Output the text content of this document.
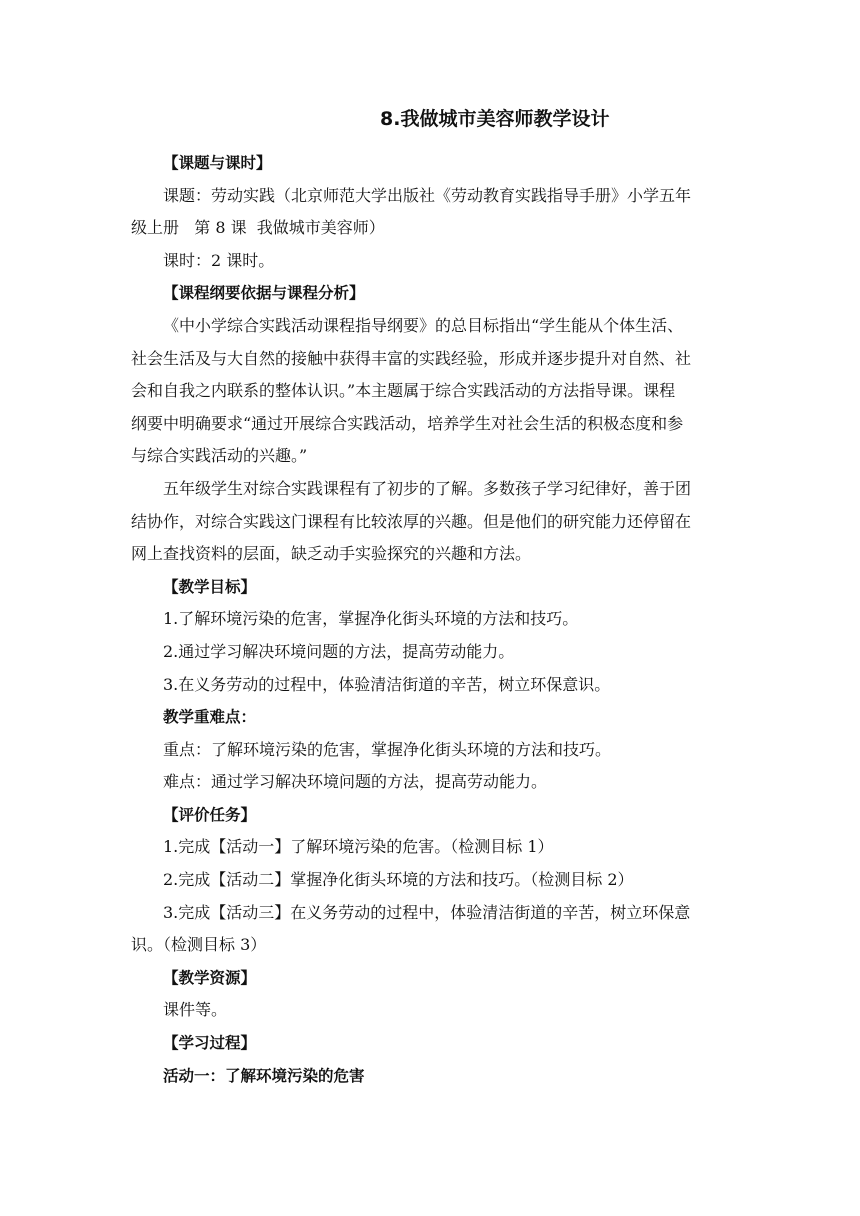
8.我做城市美容师教学设计
【课题与课时】
课题：劳动实践（北京师范大学出版社《劳动教育实践指导手册》小学五年
级上册   第 8 课  我做城市美容师）
课时：2 课时。
【课程纲要依据与课程分析】
《中小学综合实践活动课程指导纲要》的总目标指出“学生能从个体生活、
社会生活及与大自然的接触中获得丰富的实践经验，形成并逐步提升对自然、社
会和自我之内联系的整体认识。”本主题属于综合实践活动的方法指导课。课程
纲要中明确要求“通过开展综合实践活动，培养学生对社会生活的积极态度和参
与综合实践活动的兴趣。”
五年级学生对综合实践课程有了初步的了解。多数孩子学习纪律好，善于团
结协作，对综合实践这门课程有比较浓厚的兴趣。但是他们的研究能力还停留在
网上查找资料的层面，缺乏动手实验探究的兴趣和方法。
【教学目标】
1.了解环境污染的危害，掌握净化街头环境的方法和技巧。
2.通过学习解决环境问题的方法，提高劳动能力。
3.在义务劳动的过程中，体验清洁街道的辛苦，树立环保意识。
教学重难点：
重点：了解环境污染的危害，掌握净化街头环境的方法和技巧。
难点：通过学习解决环境问题的方法，提高劳动能力。
【评价任务】
1.完成【活动一】了解环境污染的危害。（检测目标 1）
2.完成【活动二】掌握净化街头环境的方法和技巧。（检测目标 2）
3.完成【活动三】在义务劳动的过程中，体验清洁街道的辛苦，树立环保意
识。（检测目标 3）
【教学资源】
课件等。
【学习过程】
活动一：了解环境污染的危害
